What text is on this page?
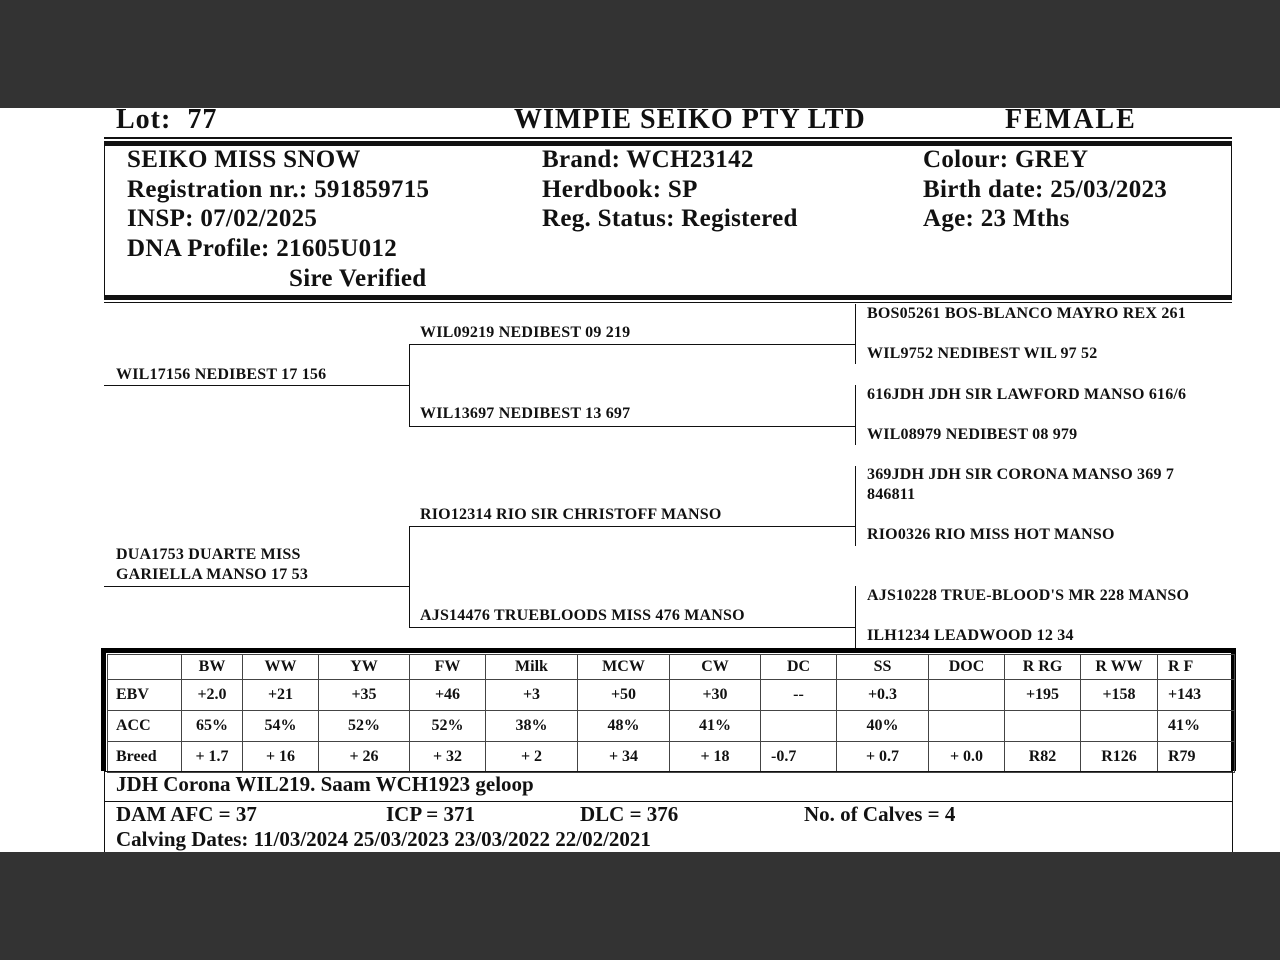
Lot: 77	WIMPIE SEIKO PTY LTD	FEMALE
SEIKO MISS SNOW
Registration nr.: 591859715
INSP: 07/02/2025
DNA Profile: 21605U012
Sire Verified
Brand: WCH23142
Herdbook: SP
Reg. Status: Registered
Colour: GREY
Birth date: 25/03/2023
Age: 23 Mths
WIL17156 NEDIBEST 17 156
WIL09219 NEDIBEST 09 219
WIL13697 NEDIBEST 13 697
BOS05261 BOS-BLANCO MAYRO REX 261
WIL9752 NEDIBEST WIL 97 52
616JDH JDH SIR LAWFORD MANSO 616/6
WIL08979 NEDIBEST 08 979
DUA1753 DUARTE MISS
GARIELLA MANSO 17 53
RIO12314 RIO SIR CHRISTOFF MANSO
AJS14476 TRUEBLOODS MISS 476 MANSO
369JDH JDH SIR CORONA MANSO 369 7
846811
RIO0326 RIO MISS HOT MANSO
AJS10228 TRUE-BLOOD'S MR 228 MANSO
ILH1234 LEADWOOD 12 34
	BW	WW	YW	FW	Milk	MCW	CW	DC	SS	DOC	R RG	R WW	R F
EBV	+2.0	+21	+35	+46	+3	+50	+30	--	+0.3		+195	+158	+143
ACC	65%	54%	52%	52%	38%	48%	41%		40%				41%
Breed	+ 1.7	+ 16	+ 26	+ 32	+ 2	+ 34	+ 18	-0.7	+ 0.7	+ 0.0	R82	R126	R79
JDH Corona WIL219. Saam WCH1923 geloop
DAM AFC = 37	ICP = 371	DLC = 376	No. of Calves = 4
Calving Dates: 11/03/2024 25/03/2023 23/03/2022 22/02/2021
